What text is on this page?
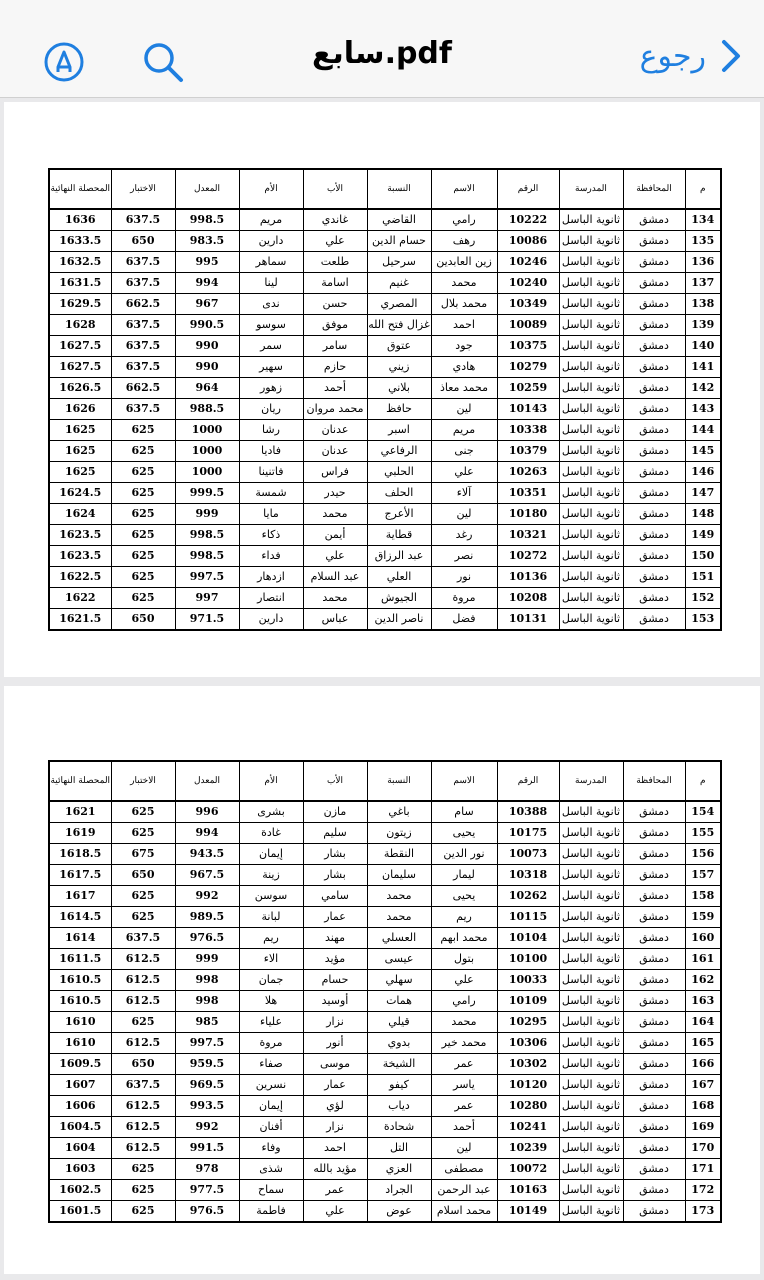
سابع.pdf	رجوع
م	المحافظة	المدرسة	الرقم	الاسم	النسبة	الأب	الأم	المعدل	الاختبار	المحصلة النهائية
134	دمشق	ثانوية الباسل	10222	رامي	القاضي	غاندي	مريم	998.5	637.5	1636
135	دمشق	ثانوية الباسل	10086	رهف	حسام الدين	علي	دارين	983.5	650	1633.5
136	دمشق	ثانوية الباسل	10246	زين العابدين	سرحيل	طلعت	سماهر	995	637.5	1632.5
137	دمشق	ثانوية الباسل	10240	محمد	غنيم	اسامة	لينا	994	637.5	1631.5
138	دمشق	ثانوية الباسل	10349	محمد بلال	المصري	حسن	ندى	967	662.5	1629.5
139	دمشق	ثانوية الباسل	10089	احمد	غزال فتح الله	موفق	سوسو	990.5	637.5	1628
140	دمشق	ثانوية الباسل	10375	جود	عتوق	سامر	سمر	990	637.5	1627.5
141	دمشق	ثانوية الباسل	10279	هادي	زيني	حازم	سهير	990	637.5	1627.5
142	دمشق	ثانوية الباسل	10259	محمد معاذ	بلاني	أحمد	زهور	964	662.5	1626.5
143	دمشق	ثانوية الباسل	10143	لين	حافظ	محمد مروان	ريان	988.5	637.5	1626
144	دمشق	ثانوية الباسل	10338	مريم	اسبر	عدنان	رشا	1000	625	1625
145	دمشق	ثانوية الباسل	10379	جنى	الرفاعي	عدنان	فاديا	1000	625	1625
146	دمشق	ثانوية الباسل	10263	علي	الحلبي	فراس	فاتنينا	1000	625	1625
147	دمشق	ثانوية الباسل	10351	آلاء	الحلف	حيدر	شمسة	999.5	625	1624.5
148	دمشق	ثانوية الباسل	10180	لين	الأعرج	محمد	مايا	999	625	1624
149	دمشق	ثانوية الباسل	10321	رغد	قطاية	أيمن	ذكاء	998.5	625	1623.5
150	دمشق	ثانوية الباسل	10272	نصر	عبد الرزاق	علي	فداء	998.5	625	1623.5
151	دمشق	ثانوية الباسل	10136	نور	العلي	عبد السلام	ازدهار	997.5	625	1622.5
152	دمشق	ثانوية الباسل	10208	مروة	الجيوش	محمد	انتصار	997	625	1622
153	دمشق	ثانوية الباسل	10131	فضل	ناصر الدين	عباس	دارين	971.5	650	1621.5
م	المحافظة	المدرسة	الرقم	الاسم	النسبة	الأب	الأم	المعدل	الاختبار	المحصلة النهائية
154	دمشق	ثانوية الباسل	10388	سام	باغي	مازن	بشرى	996	625	1621
155	دمشق	ثانوية الباسل	10175	يحيى	زيتون	سليم	غادة	994	625	1619
156	دمشق	ثانوية الباسل	10073	نور الدين	النقطة	بشار	إيمان	943.5	675	1618.5
157	دمشق	ثانوية الباسل	10318	ليمار	سليمان	بشار	زينة	967.5	650	1617.5
158	دمشق	ثانوية الباسل	10262	يحيى	محمد	سامي	سوسن	992	625	1617
159	دمشق	ثانوية الباسل	10115	ريم	محمد	عمار	لبانة	989.5	625	1614.5
160	دمشق	ثانوية الباسل	10104	محمد ابهم	العسلي	مهند	ريم	976.5	637.5	1614
161	دمشق	ثانوية الباسل	10100	بتول	عيسى	مؤيد	الاء	999	612.5	1611.5
162	دمشق	ثانوية الباسل	10033	علي	سهلي	حسام	جمان	998	612.5	1610.5
163	دمشق	ثانوية الباسل	10109	رامي	همات	أوسيد	هلا	998	612.5	1610.5
164	دمشق	ثانوية الباسل	10295	محمد	قيلي	نزار	علياء	985	625	1610
165	دمشق	ثانوية الباسل	10306	محمد خير	بدوي	أنور	مروة	997.5	612.5	1610
166	دمشق	ثانوية الباسل	10302	عمر	الشيخة	موسى	صفاء	959.5	650	1609.5
167	دمشق	ثانوية الباسل	10120	ياسر	كيفو	عمار	نسرين	969.5	637.5	1607
168	دمشق	ثانوية الباسل	10280	عمر	دياب	لؤي	إيمان	993.5	612.5	1606
169	دمشق	ثانوية الباسل	10241	أحمد	شحادة	نزار	أفنان	992	612.5	1604.5
170	دمشق	ثانوية الباسل	10239	لين	التل	احمد	وفاء	991.5	612.5	1604
171	دمشق	ثانوية الباسل	10072	مصطفى	العزي	مؤيد بالله	شذى	978	625	1603
172	دمشق	ثانوية الباسل	10163	عبد الرحمن	الجراد	عمر	سماح	977.5	625	1602.5
173	دمشق	ثانوية الباسل	10149	محمد اسلام	عوض	علي	فاطمة	976.5	625	1601.5
